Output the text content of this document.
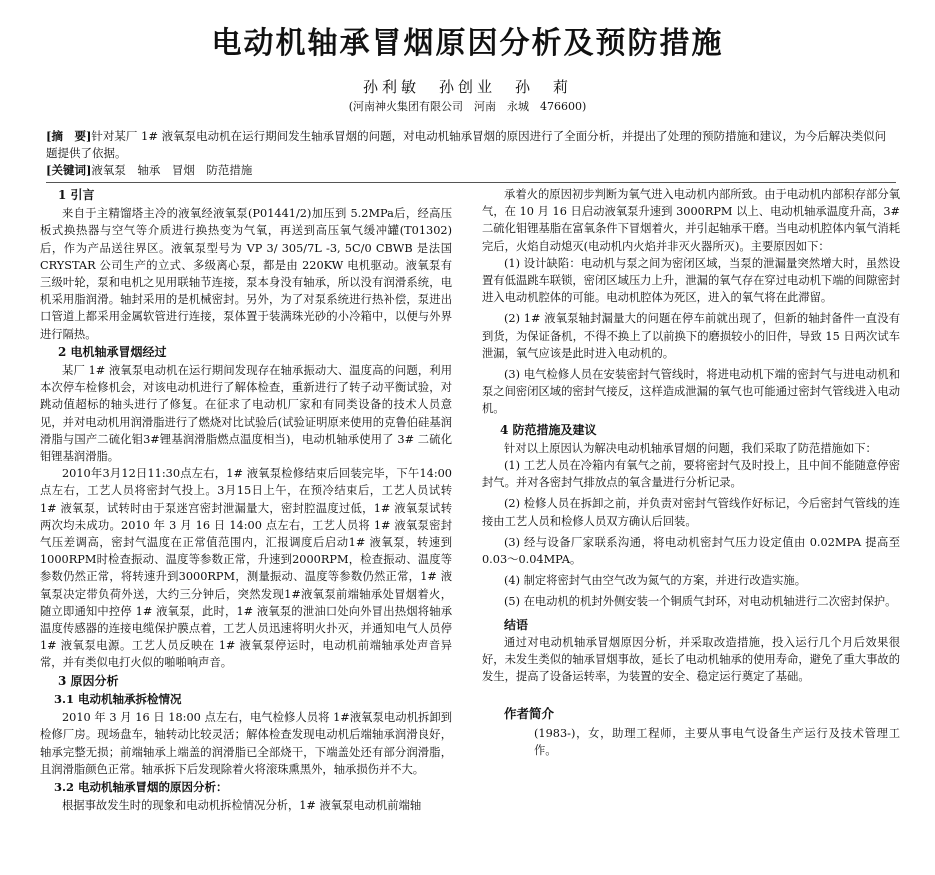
电动机轴承冒烟原因分析及预防措施
孙利敏　孙创业　孙　莉
(河南神火集团有限公司　河南　永城　476600)
[摘　要]针对某厂 1# 液氧泵电动机在运行期间发生轴承冒烟的问题，对电动机轴承冒烟的原因进行了全面分析，并提出了处理的预防措施和建议，为今后解决类似问题提供了依据。
[关键词]液氧泵　轴承　冒烟　防范措施
1 引言

来自于主精馏塔主冷的液氧经液氧泵(P01441/2)加压到 5.2MPa后，经高压板式换热器与空气等介质进行换热变为气氧，再送到高压氧气缓冲罐(T01302)后，作为产品送往界区。液氧泵型号为 VP 3/ 305/7L -3, 5C/0 CBWB 是法国 CRYSTAR 公司生产的立式、多级离心泵，都是由 220KW 电机驱动。液氧泵有三级叶轮，泵和电机之见用联轴节连接，泵本身没有轴承，所以没有润滑系统，电机采用脂润滑。轴封采用的是机械密封。另外，为了对泵系统进行热补偿，泵进出口管道上都采用金属软管进行连接，泵体置于装满珠光砂的小冷箱中，以便与外界进行隔热。

2 电机轴承冒烟经过

某厂 1# 液氧泵电动机在运行期间发现存在轴承振动大、温度高的问题，利用本次停车检修机会，对该电动机进行了解体检查，重新进行了转子动平衡试验，对跳动值超标的轴头进行了修复。在征求了电动机厂家和有同类设备的技术人员意见，并对电动机用润滑脂进行了燃烧对比试验后(试验证明原来使用的克鲁伯硅基润滑脂与国产二硫化钼3#锂基润滑脂燃点温度相当)，电动机轴承使用了 3# 二硫化钼锂基润滑脂。

2010年3月12日11:30点左右，1# 液氧泵检修结束后回装完毕，下午14:00点左右，工艺人员将密封气投上。3月15日上午，在预冷结束后，工艺人员试转 1# 液氧泵，试转时由于泵迷宫密封泄漏量大，密封腔温度过低，1# 液氧泵试转两次均未成功。2010 年 3 月 16 日 14:00 点左右，工艺人员将 1# 液氧泵密封气压差调高，密封气温度在正常值范围内，汇报调度后启动1# 液氧泵，转速到1000RPM时检查振动、温度等参数正常，升速到2000RPM，检查振动、温度等参数仍然正常，将转速升到3000RPM，测量振动、温度等参数仍然正常，1# 液氧泵决定带负荷外送，大约三分钟后，突然发现1#液氧泵前端轴承处冒烟着火，随立即通知中控停 1# 液氧泵，此时，1# 液氧泵的泄油口处向外冒出热烟将轴承温度传感器的连接电缆保护膜点着，工艺人员迅速将明火扑灭，并通知电气人员停 1# 液氧泵电源。工艺人员反映在 1# 液氧泵停运时，电动机前端轴承处声音异常，并有类似电打火似的啪啪响声音。

3 原因分析
3.1 电动机轴承拆检情况

2010 年 3 月 16 日 18:00 点左右，电气检修人员将 1#液氧泵电动机拆卸到检修厂房。现场盘车，轴转动比较灵活；解体检查发现电动机后端轴承润滑良好，轴承完整无损；前端轴承上端盖的润滑脂已全部烧干，下端盖处还有部分润滑脂，且润滑脂颜色正常。轴承拆下后发现除着火将滚珠熏黑外，轴承损伤并不大。

3.2 电动机轴承冒烟的原因分析：

根据事故发生时的现象和电动机拆检情况分析，1# 液氧泵电动机前端轴

承着火的原因初步判断为氧气进入电动机内部所致。由于电动机内部积存部分氧气，在 10 月 16 日启动液氧泵升速到 3000RPM 以上、电动机轴承温度升高，3# 二硫化钼锂基脂在富氧条件下冒烟着火，并引起轴承干磨。当电动机腔体内氧气消耗完后，火焰自动熄灭(电动机内火焰并非灭火器所灭)。主要原因如下：

(1) 设计缺陷：电动机与泵之间为密闭区域，当泵的泄漏量突然增大时，虽然设置有低温跳车联锁，密闭区域压力上升，泄漏的氧气存在穿过电动机下端的间隙密封进入电动机腔体的可能。电动机腔体为死区，进入的氧气将在此滞留。

(2) 1# 液氧泵轴封漏量大的问题在停车前就出现了，但新的轴封备件一直没有到货，为保证备机，不得不换上了以前换下的磨损较小的旧件，导致 15 日两次试车泄漏，氧气应该是此时进入电动机的。

(3) 电气检修人员在安装密封气管线时，将进电动机下端的密封气与进电动机和泵之间密闭区域的密封气接反，这样造成泄漏的氧气也可能通过密封气管线进入电动机。

4 防范措施及建议

针对以上原因认为解决电动机轴承冒烟的问题，我们采取了防范措施如下：

(1) 工艺人员在冷箱内有氧气之前，要将密封气及时投上，且中间不能随意停密封气。并对各密封气排放点的氧含量进行分析记录。

(2) 检修人员在拆卸之前，并负责对密封气管线作好标记，今后密封气管线的连接由工艺人员和检修人员双方确认后回装。

(3) 经与设备厂家联系沟通，将电动机密封气压力设定值由 0.02MPA 提高至 0.03～0.04MPA。

(4) 制定将密封气由空气改为氮气的方案，并进行改造实施。

(5) 在电动机的机封外侧安装一个铜质气封环，对电动机轴进行二次密封保护。

结语

通过对电动机轴承冒烟原因分析，并采取改造措施，投入运行几个月后效果很好，未发生类似的轴承冒烟事故，延长了电动机轴承的使用寿命，避免了重大事故的发生，提高了设备运转率，为装置的安全、稳定运行奠定了基础。

作者简介

(1983-)，女，助理工程师，主要从事电气设备生产运行及技术管理工作。
